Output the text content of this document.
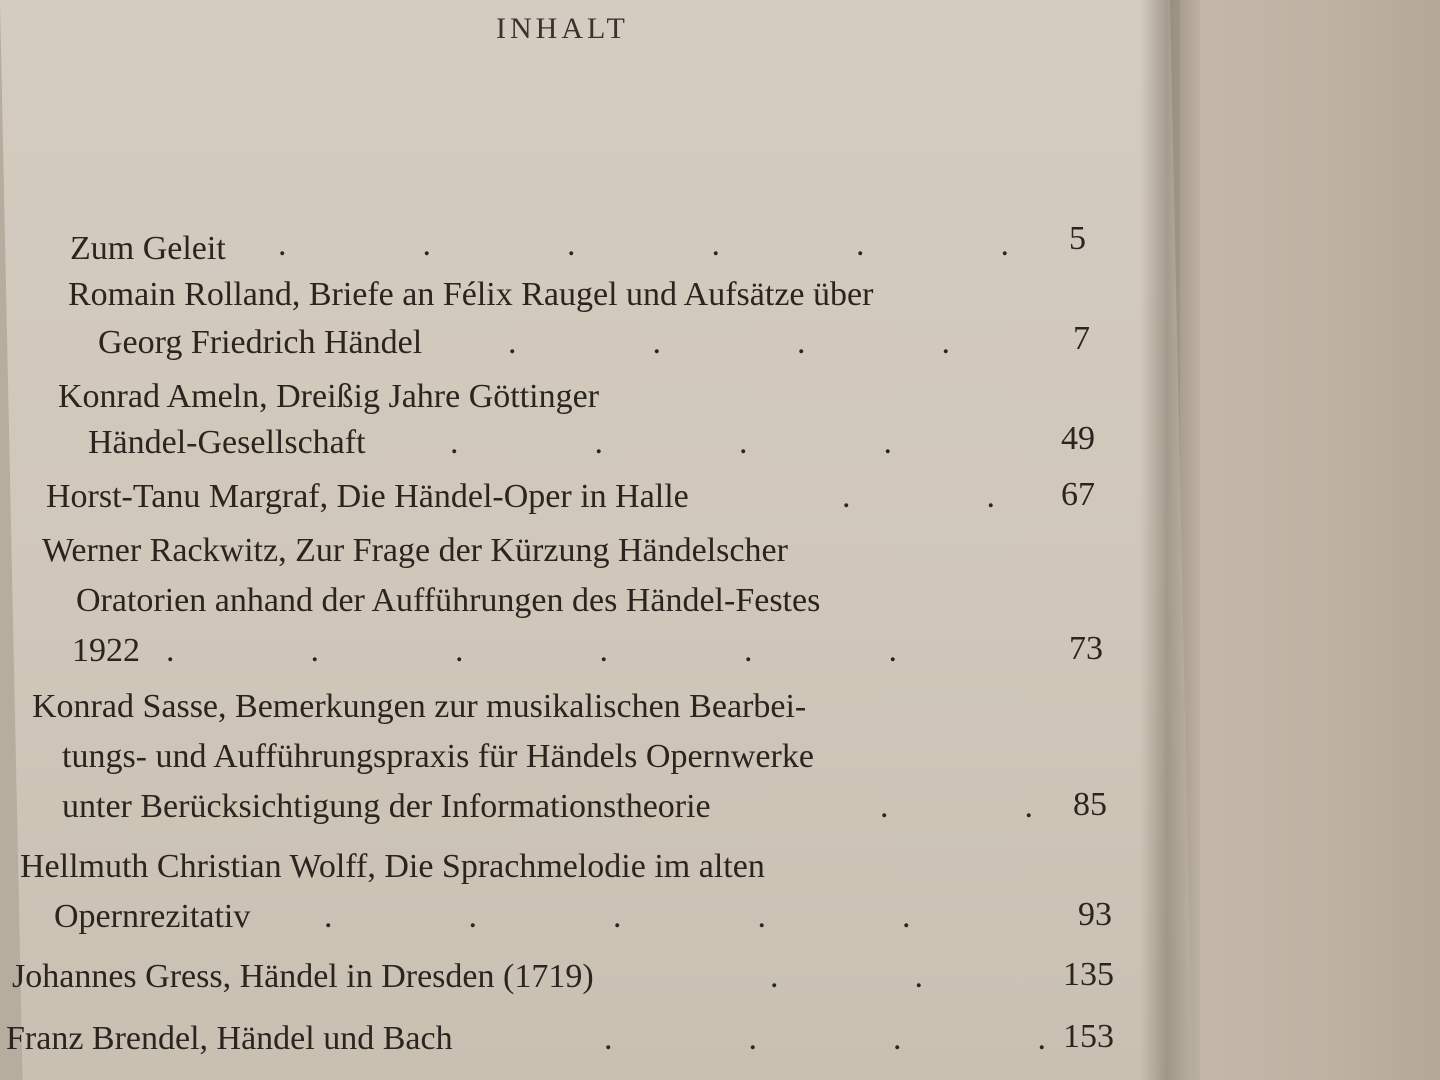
INHALT
Zum Geleit .	5
Romain Rolland, Briefe an Félix Raugel und Aufsätze über
Georg Friedrich Händel .	7
Konrad Ameln, Dreißig Jahre Göttinger
Händel-Gesellschaft .	49
Horst-Tanu Margraf, Die Händel-Oper in Halle .	67
Werner Rackwitz, Zur Frage der Kürzung Händelscher
Oratorien anhand der Aufführungen des Händel-Festes
1922 .	73
Konrad Sasse, Bemerkungen zur musikalischen Bearbei-
tungs- und Aufführungspraxis für Händels Opernwerke
unter Berücksichtigung der Informationstheorie .	85
Hellmuth Christian Wolff, Die Sprachmelodie im alten
Opernrezitativ .	93
Johannes Gress, Händel in Dresden (1719) .	135
Franz Brendel, Händel und Bach .	153
